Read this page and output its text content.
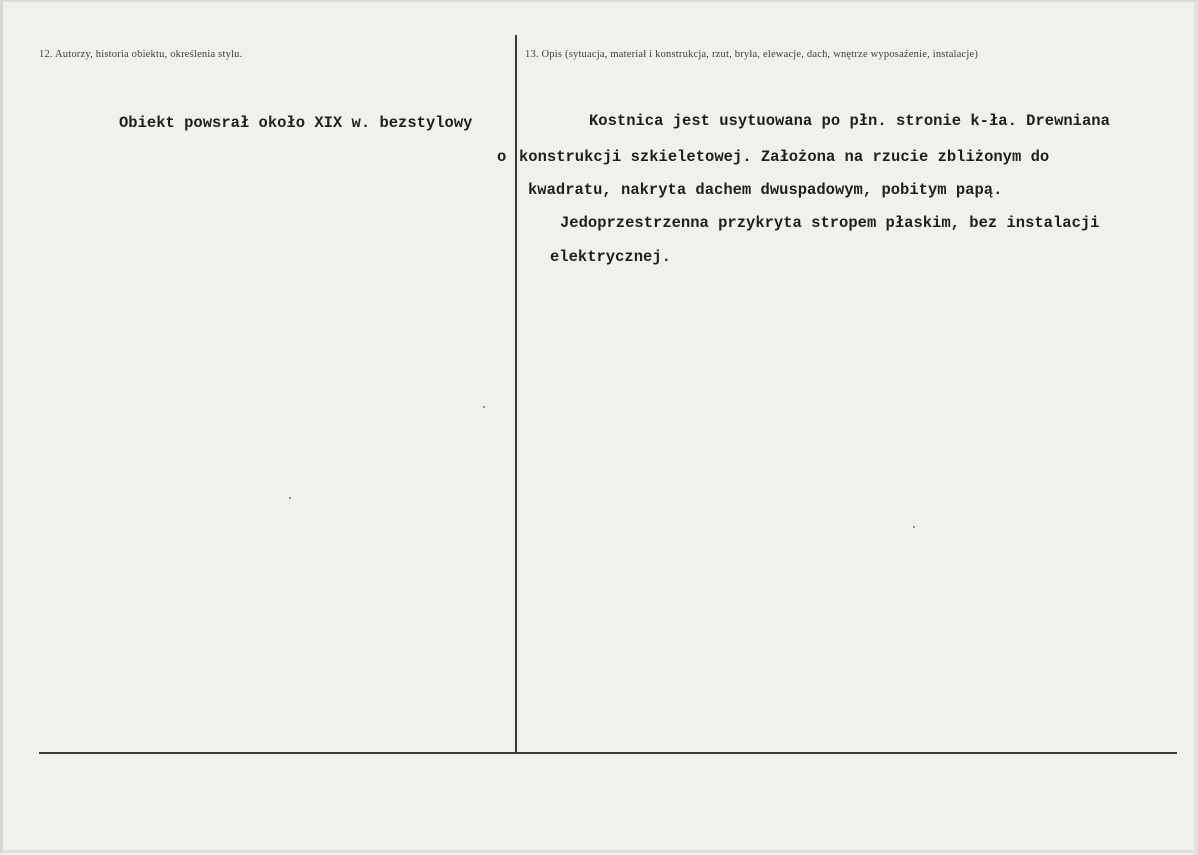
12. Autorzy, historia obiektu, określenia stylu.	13. Opis (sytuacja, materiał i konstrukcja, rzut, bryła, elewacje, dach, wnętrze wyposażenie, instalacje)
Obiekt powsrał około XIX w. bezstylowy
o
Kostnica jest usytuowana po płn. stronie k-ła. Drewniana
konstrukcji szkieletowej. Założona na rzucie zbliżonym do
kwadratu, nakryta dachem dwuspadowym, pobitym papą.
Jedoprzestrzenna przykryta stropem płaskim, bez instalacji
elektrycznej.
